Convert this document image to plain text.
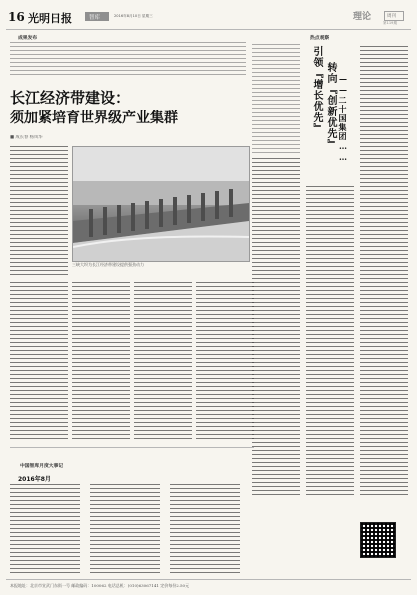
16 光明日报	智库	2016年8月10日 星期三	理论	周刊
第119期
成果发布
长江经济带建设：
须加紧培育世界级产业集群
■ 成长春 杨凤华
三峡大坝为长江经济带建设提供强劲动力
中国智库月度大事记
2016年8月
热点观察
引领『增长优先』 转向『创新优先』 ——二十国集团……
本报地址：北京市宣武门东街一号 邮政编码：100062 电话总机：(010)63067141 定价每份2.50元
